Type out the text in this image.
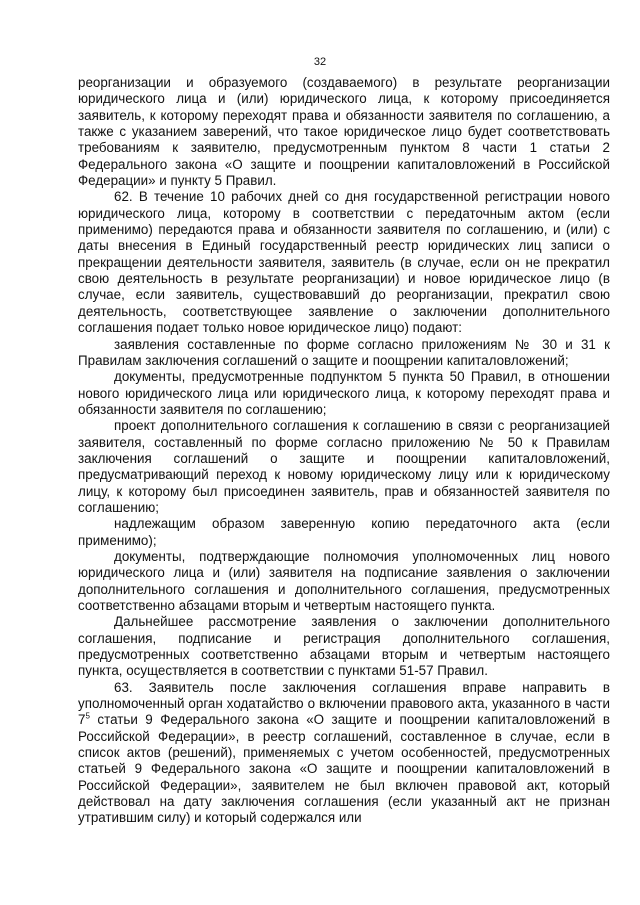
32

реорганизации и образуемого (создаваемого) в результате реорганизации юридического лица и (или) юридического лица, к которому присоединяется заявитель, к которому переходят права и обязанности заявителя по соглашению, а также с указанием заверений, что такое юридическое лицо будет соответствовать требованиям к заявителю, предусмотренным пунктом 8 части 1 статьи 2 Федерального закона «О защите и поощрении капиталовложений в Российской Федерации» и пункту 5 Правил.

62. В течение 10 рабочих дней со дня государственной регистрации нового юридического лица, которому в соответствии с передаточным актом (если применимо) передаются права и обязанности заявителя по соглашению, и (или) с даты внесения в Единый государственный реестр юридических лиц записи о прекращении деятельности заявителя, заявитель (в случае, если он не прекратил свою деятельность в результате реорганизации) и новое юридическое лицо (в случае, если заявитель, существовавший до реорганизации, прекратил свою деятельность, соответствующее заявление о заключении дополнительного соглашения подает только новое юридическое лицо) подают:

заявления составленные по форме согласно приложениям № 30 и 31 к Правилам заключения соглашений о защите и поощрении капиталовложений;

документы, предусмотренные подпунктом 5 пункта 50 Правил, в отношении нового юридического лица или юридического лица, к которому переходят права и обязанности заявителя по соглашению;

проект дополнительного соглашения к соглашению в связи с реорганизацией заявителя, составленный по форме согласно приложению № 50 к Правилам заключения соглашений о защите и поощрении капиталовложений, предусматривающий переход к новому юридическому лицу или к юридическому лицу, к которому был присоединен заявитель, прав и обязанностей заявителя по соглашению;

надлежащим образом заверенную копию передаточного акта (если применимо);

документы, подтверждающие полномочия уполномоченных лиц нового юридического лица и (или) заявителя на подписание заявления о заключении дополнительного соглашения и дополнительного соглашения, предусмотренных соответственно абзацами вторым и четвертым настоящего пункта.

Дальнейшее рассмотрение заявления о заключении дополнительного соглашения, подписание и регистрация дополнительного соглашения, предусмотренных соответственно абзацами вторым и четвертым настоящего пункта, осуществляется в соответствии с пунктами 51-57 Правил.

63. Заявитель после заключения соглашения вправе направить в уполномоченный орган ходатайство о включении правового акта, указанного в части $7^5$ статьи 9 Федерального закона «О защите и поощрении капиталовложений в Российской Федерации», в реестр соглашений, составленное в случае, если в список актов (решений), применяемых с учетом особенностей, предусмотренных статьей 9 Федерального закона «О защите и поощрении капиталовложений в Российской Федерации», заявителем не был включен правовой акт, который действовал на дату заключения соглашения (если указанный акт не признан утратившим силу) и который содержался или
